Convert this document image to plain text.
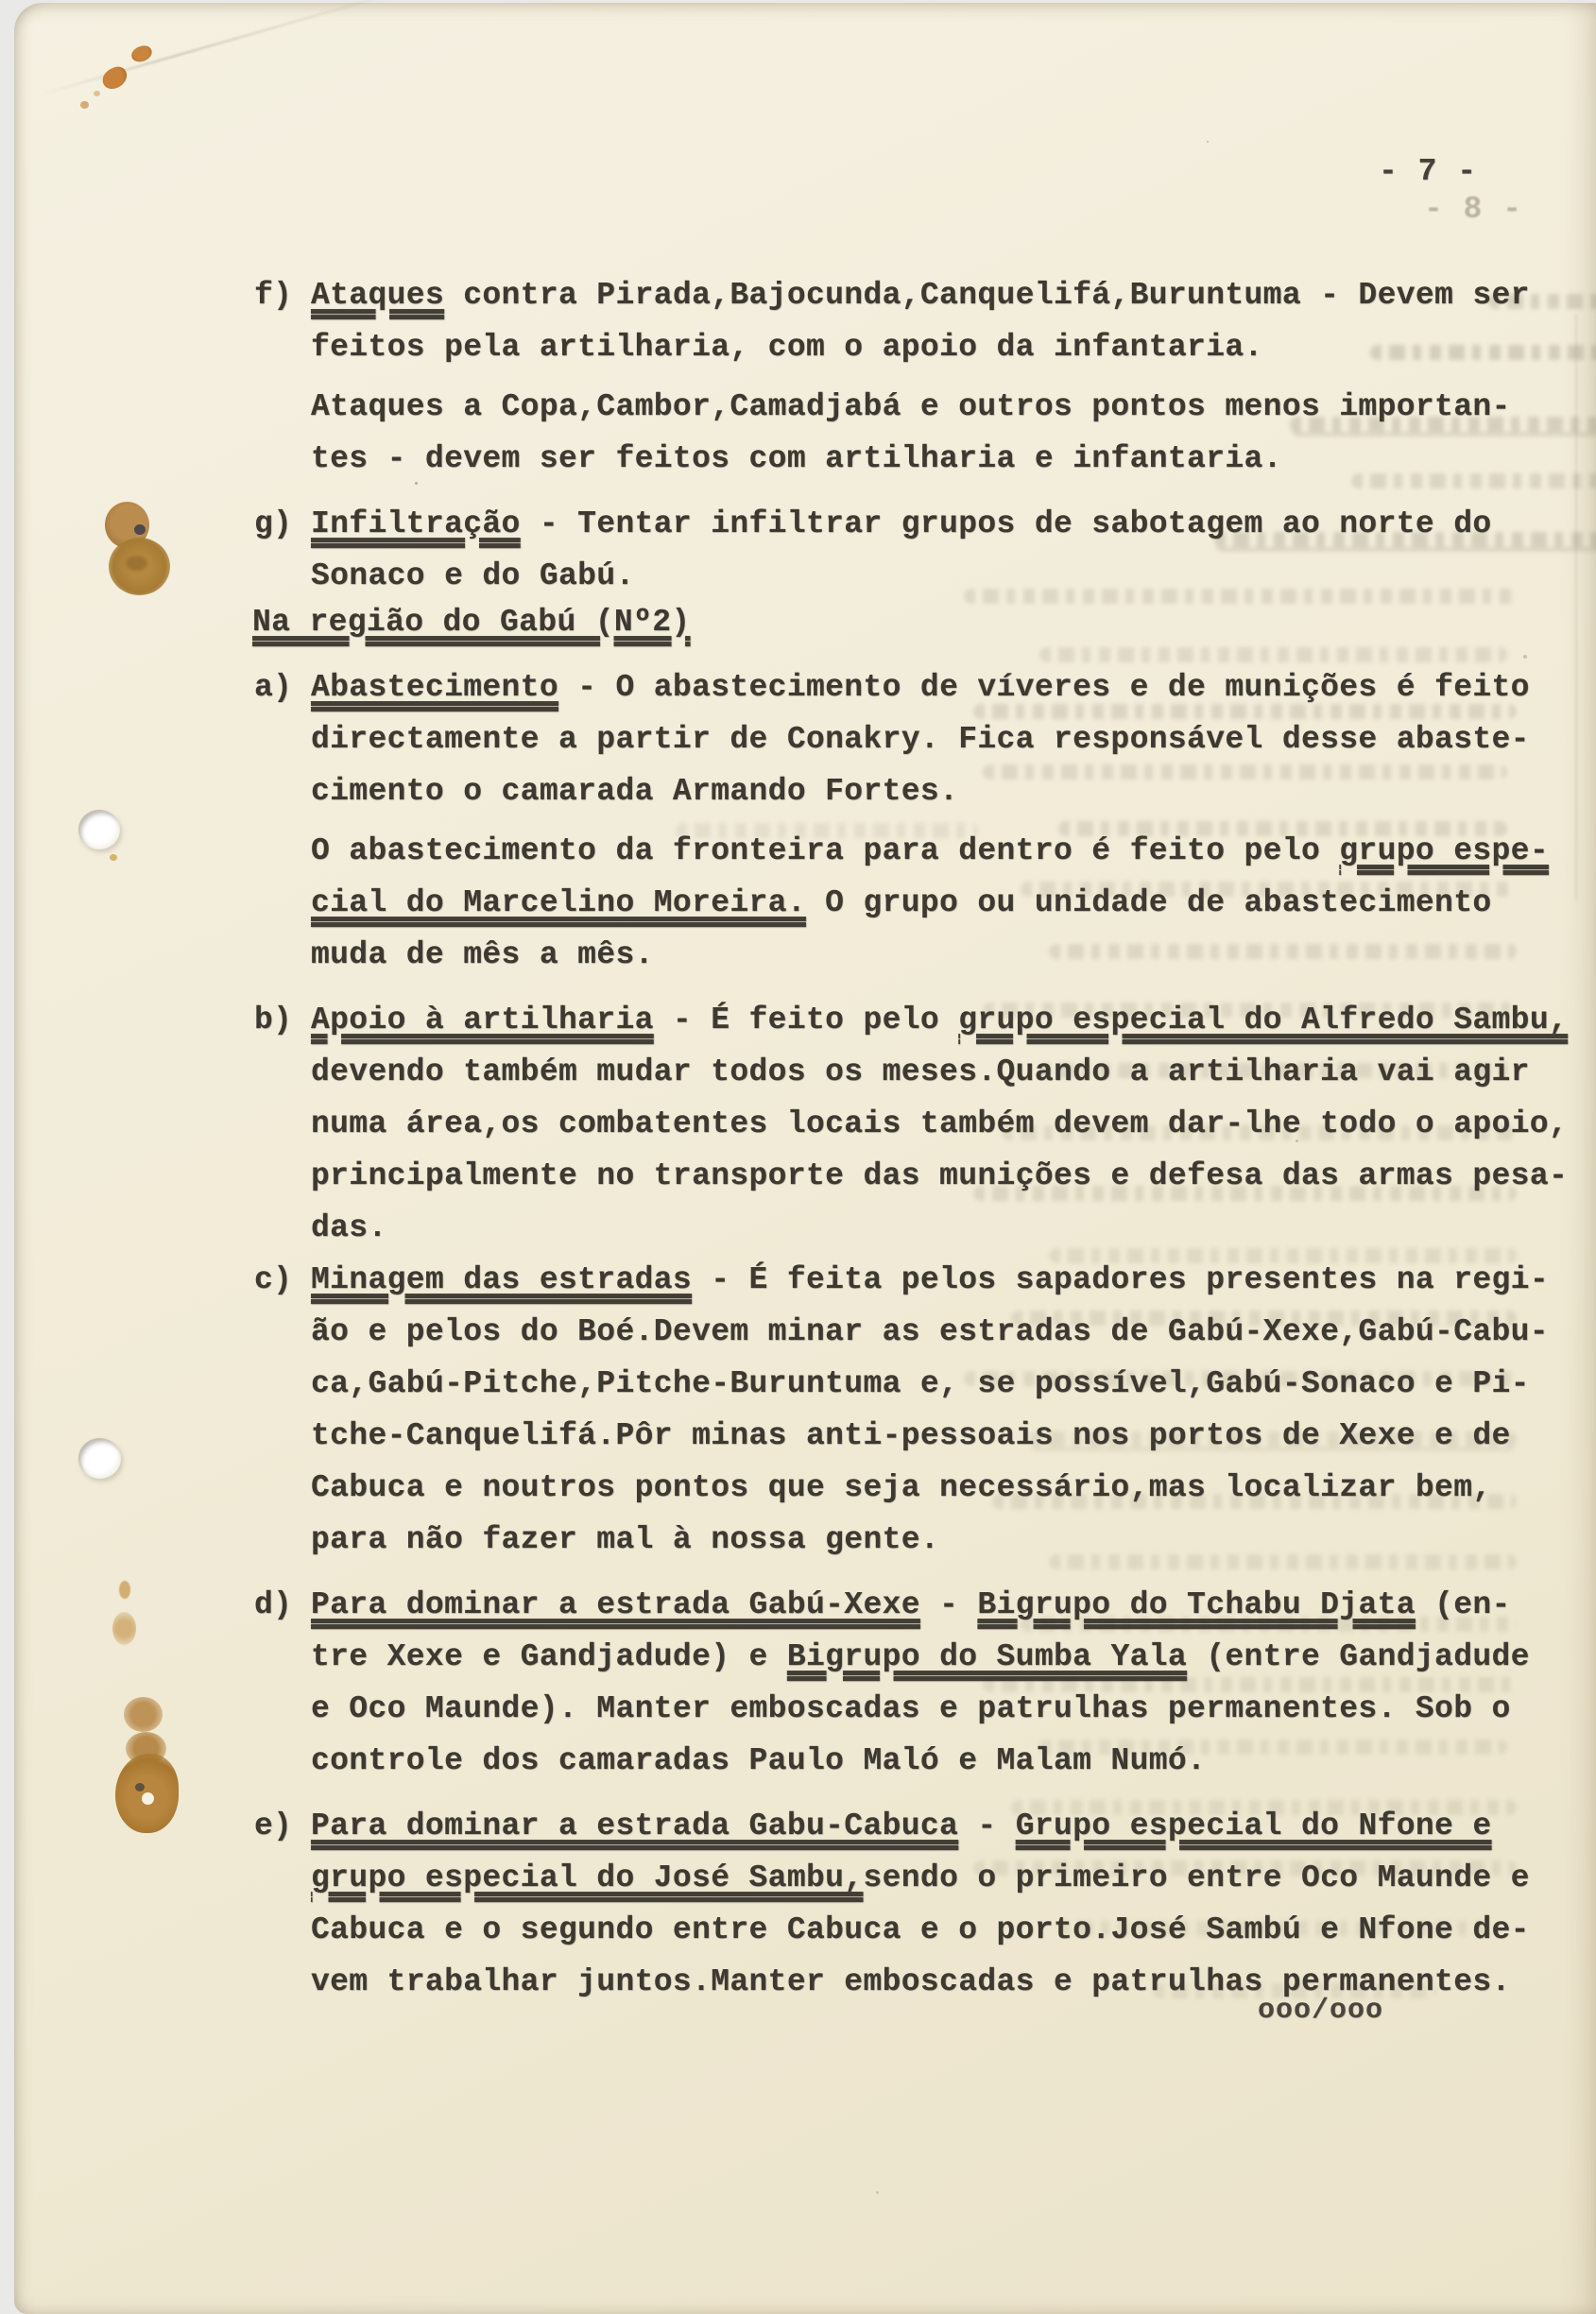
- 7 -
- 8 -
f) Ataques contra Pirada,Bajocunda,Canquelifá,Buruntuma - Devem ser
feitos pela artilharia, com o apoio da infantaria.
Ataques a Copa,Cambor,Camadjabá e outros pontos menos importan-
tes - devem ser feitos com artilharia e infantaria.
g) Infiltração - Tentar infiltrar grupos de sabotagem ao norte do
Sonaco e do Gabú.
Na região do Gabú (Nº2)
a) Abastecimento - O abastecimento de víveres e de munições é feito
directamente a partir de Conakry. Fica responsável desse abaste-
cimento o camarada Armando Fortes.
O abastecimento da fronteira para dentro é feito pelo grupo espe-
cial do Marcelino Moreira. O grupo ou unidade de abastecimento
muda de mês a mês.
b) Apoio à artilharia - É feito pelo grupo especial do Alfredo Sambu,
devendo também mudar todos os meses.Quando a artilharia vai agir
numa área,os combatentes locais também devem dar-lhe todo o apoio,
principalmente no transporte das munições e defesa das armas pesa-
das.
c) Minagem das estradas - É feita pelos sapadores presentes na regi-
ão e pelos do Boé.Devem minar as estradas de Gabú-Xexe,Gabú-Cabu-
ca,Gabú-Pitche,Pitche-Buruntuma e, se possível,Gabú-Sonaco e Pi-
tche-Canquelifá.Pôr minas anti-pessoais nos portos de Xexe e de
Cabuca e noutros pontos que seja necessário,mas localizar bem,
para não fazer mal à nossa gente.
d) Para dominar a estrada Gabú-Xexe - Bigrupo do Tchabu Djata (en-
tre Xexe e Gandjadude) e Bigrupo do Sumba Yala (entre Gandjadude
e Oco Maunde). Manter emboscadas e patrulhas permanentes. Sob o
controle dos camaradas Paulo Maló e Malam Numó.
e) Para dominar a estrada Gabu-Cabuca - Grupo especial do Nfone e
grupo especial do José Sambu,sendo o primeiro entre Oco Maunde e
Cabuca e o segundo entre Cabuca e o porto.José Sambú e Nfone de-
vem trabalhar juntos.Manter emboscadas e patrulhas permanentes.
ooo/ooo
